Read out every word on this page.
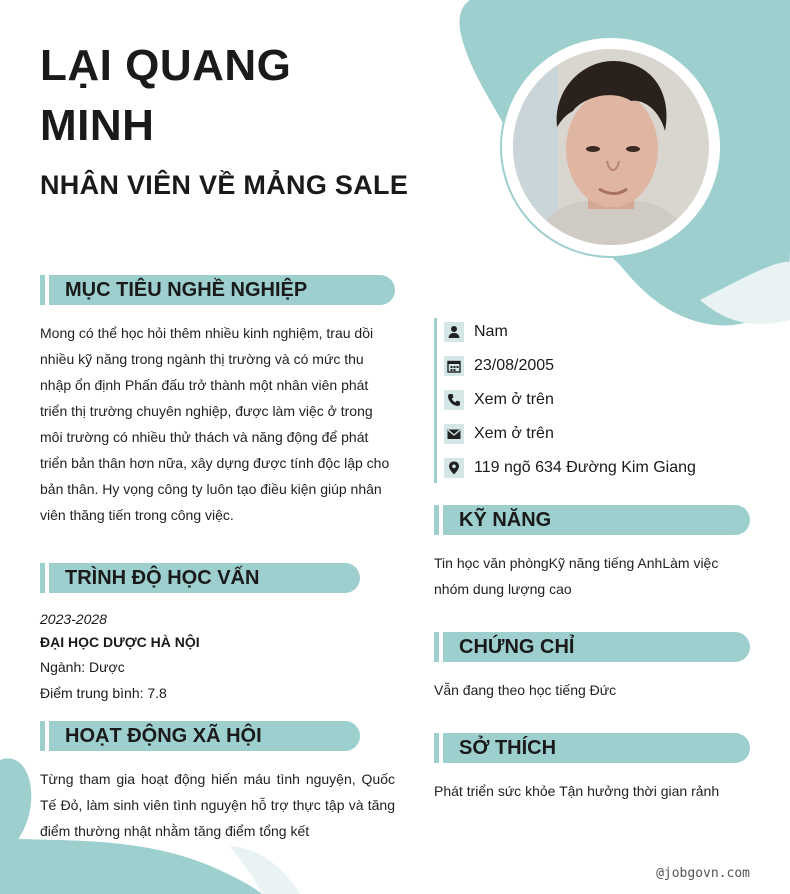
LẠI QUANG
MINH
NHÂN VIÊN VỀ MẢNG SALE
MỤC TIÊU NGHỀ NGHIỆP
Mong có thể học hỏi thêm nhiều kinh nghiệm, trau dồi nhiều kỹ năng trong ngành thị trường và có mức thu nhập ổn định Phấn đấu trở thành một nhân viên phát triển thị trường chuyên nghiệp, được làm việc ở trong môi trường có nhiều thử thách và năng động để phát triển bản thân hơn nữa, xây dựng được tính độc lập cho bản thân. Hy vọng công ty luôn tạo điều kiện giúp nhân viên thăng tiến trong công việc.
TRÌNH ĐỘ HỌC VẤN
2023-2028
ĐẠI HỌC DƯỢC HÀ NỘI
Ngành: Dược
Điểm trung bình: 7.8
HOẠT ĐỘNG XÃ HỘI
Từng tham gia hoạt động hiến máu tình nguyện, Quốc Tế Đỏ, làm sinh viên tình nguyện hỗ trợ thực tập và tăng điểm thường nhật nhằm tăng điểm tổng kết
Nam
23/08/2005
Xem ở trên
Xem ở trên
119 ngõ 634 Đường Kim Giang
KỸ NĂNG
Tin học văn phòngKỹ năng tiếng AnhLàm việc nhóm dung lượng cao
CHỨNG CHỈ
Vẫn đang theo học tiếng Đức
SỞ THÍCH
Phát triển sức khỏe Tận hưởng thời gian rảnh
@jobgovn.com
